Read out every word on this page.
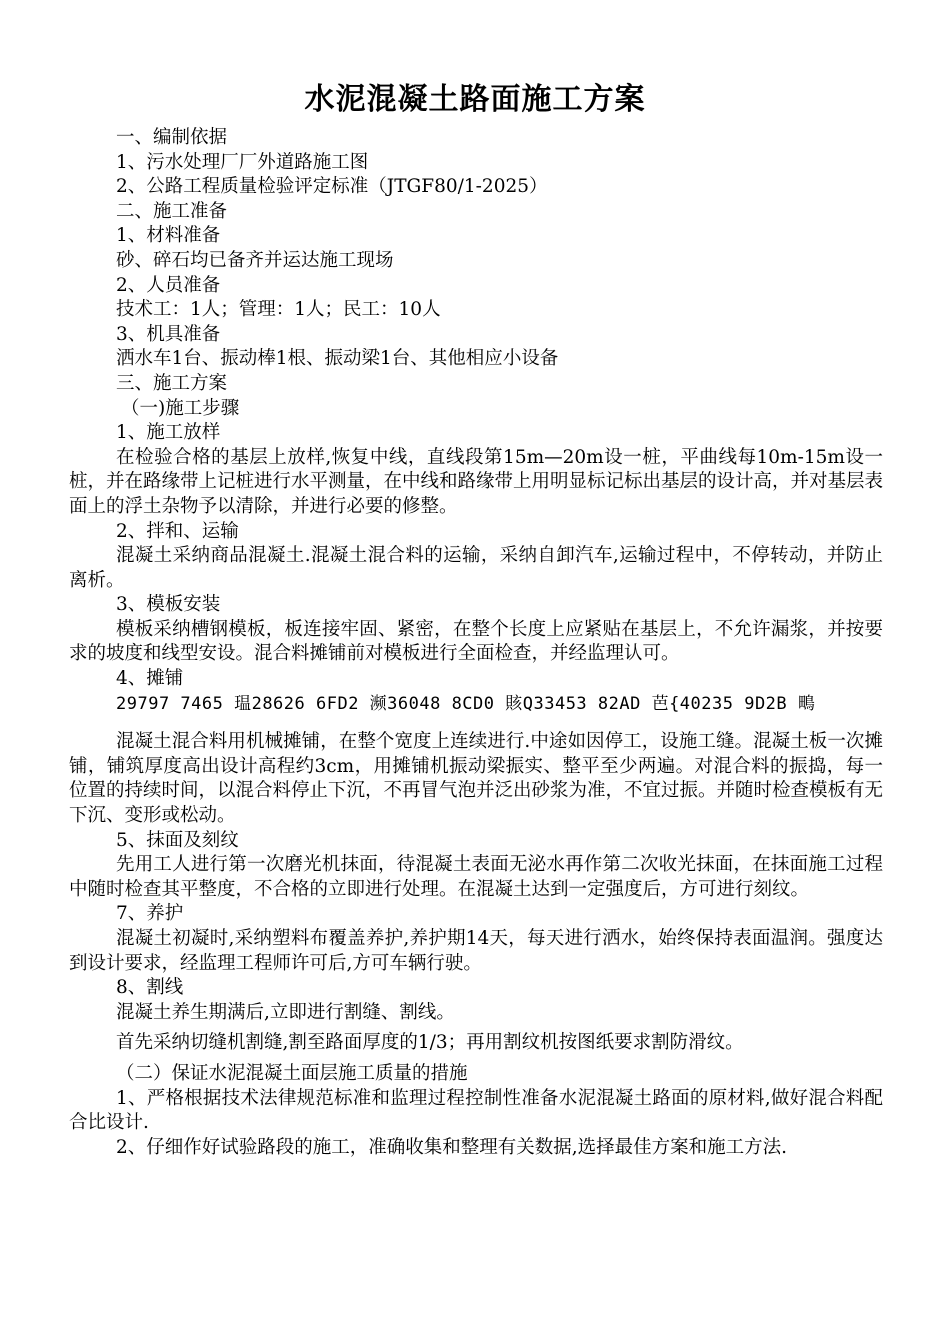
水泥混凝土路面施工方案
一、编制依据
1、污水处理厂厂外道路施工图
2、公路工程质量检验评定标准（JTGF80/1-2025）
二、施工准备
1、材料准备
砂、碎石均已备齐并运达施工现场
2、人员准备
技术工：1人；管理：1人；民工：10人
3、机具准备
洒水车1台、振动棒1根、振动梁1台、其他相应小设备
三、施工方案
（一)施工步骤
1、施工放样
在检验合格的基层上放样,恢复中线，直线段第15m—20m设一桩，平曲线每10m-15m设一桩，并在路缘带上记桩进行水平测量，在中线和路缘带上用明显标记标出基层的设计高，并对基层表面上的浮土杂物予以清除，并进行必要的修整。
2、拌和、运输
混凝土采纳商品混凝土.混凝土混合料的运输，采纳自卸汽车,运输过程中，不停转动，并防止离析。
3、模板安装
模板采纳槽钢模板，板连接牢固、紧密，在整个长度上应紧贴在基层上，不允许漏浆，并按要求的坡度和线型安设。混合料摊铺前对模板进行全面检查，并经监理认可。
4、摊铺
29797 7465 瑥28626 6FD2 濒36048 8CD0 賅Q33453 82AD 芭{40235 9D2B 鴫
混凝土混合料用机械摊铺，在整个宽度上连续进行.中途如因停工，设施工缝。混凝土板一次摊铺，铺筑厚度高出设计高程约3cm，用摊铺机振动梁振实、整平至少两遍。对混合料的振捣，每一位置的持续时间，以混合料停止下沉，不再冒气泡并泛出砂浆为准，不宜过振。并随时检查模板有无下沉、变形或松动。
5、抹面及刻纹
先用工人进行第一次磨光机抹面，待混凝土表面无泌水再作第二次收光抹面，在抹面施工过程中随时检查其平整度，不合格的立即进行处理。在混凝土达到一定强度后，方可进行刻纹。
7、养护
混凝土初凝时,采纳塑料布覆盖养护,养护期14天，每天进行洒水，始终保持表面温润。强度达到设计要求，经监理工程师许可后,方可车辆行驶。
8、割线
混凝土养生期满后,立即进行割缝、割线。
首先采纳切缝机割缝,割至路面厚度的1/3；再用割纹机按图纸要求割防滑纹。
（二）保证水泥混凝土面层施工质量的措施
1、严格根据技术法律规范标准和监理过程控制性准备水泥混凝土路面的原材料,做好混合料配合比设计.
2、仔细作好试验路段的施工，准确收集和整理有关数据,选择最佳方案和施工方法.
